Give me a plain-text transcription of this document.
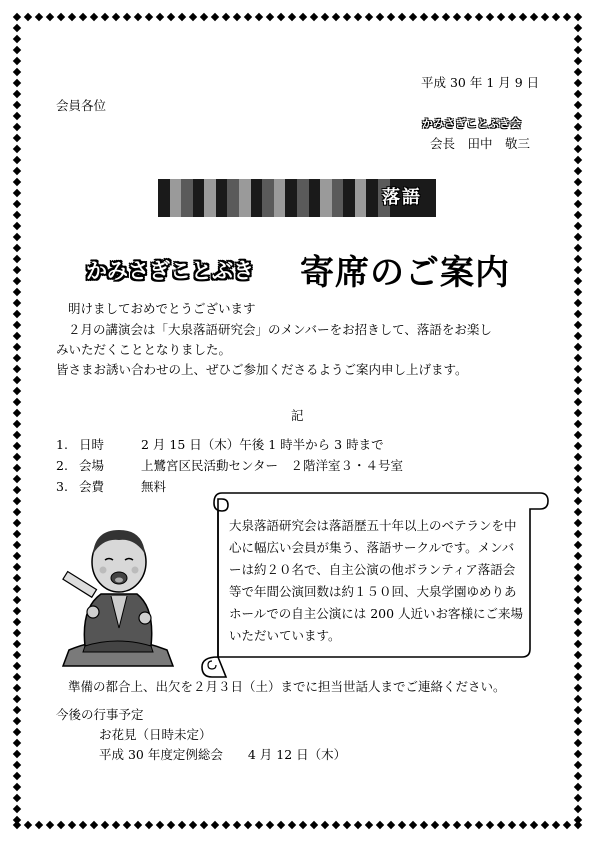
平成 30 年 1 月 9 日
会員各位
かみさぎことぶき会
会長　田中　敬三
落語
かみさぎことぶき 寄席のご案内
明けましておめでとうございます
２月の講演会は「大泉落語研究会」のメンバーをお招きして、落語をお楽し
みいただくこととなりました。
皆さまお誘い合わせの上、ぜひご参加くださるようご案内申し上げます。
記
1. 日時	2 月 15 日（木）午後 1 時半から 3 時まで
2. 会場	上鷺宮区民活動センター　２階洋室３・４号室
3. 会費	無料
大泉落語研究会は落語歴五十年以上のベテランを中心に幅広い会員が集う、落語サークルです。メンバーは約２０名で、自主公演の他ボランティア落語会等で年間公演回数は約１５０回、大泉学園ゆめりあホールでの自主公演には 200 人近いお客様にご来場いただいています。
準備の都合上、出欠を２月３日（土）までに担当世話人までご連絡ください。
今後の行事予定
お花見（日時未定）
平成 30 年度定例総会　　4 月 12 日（木）
